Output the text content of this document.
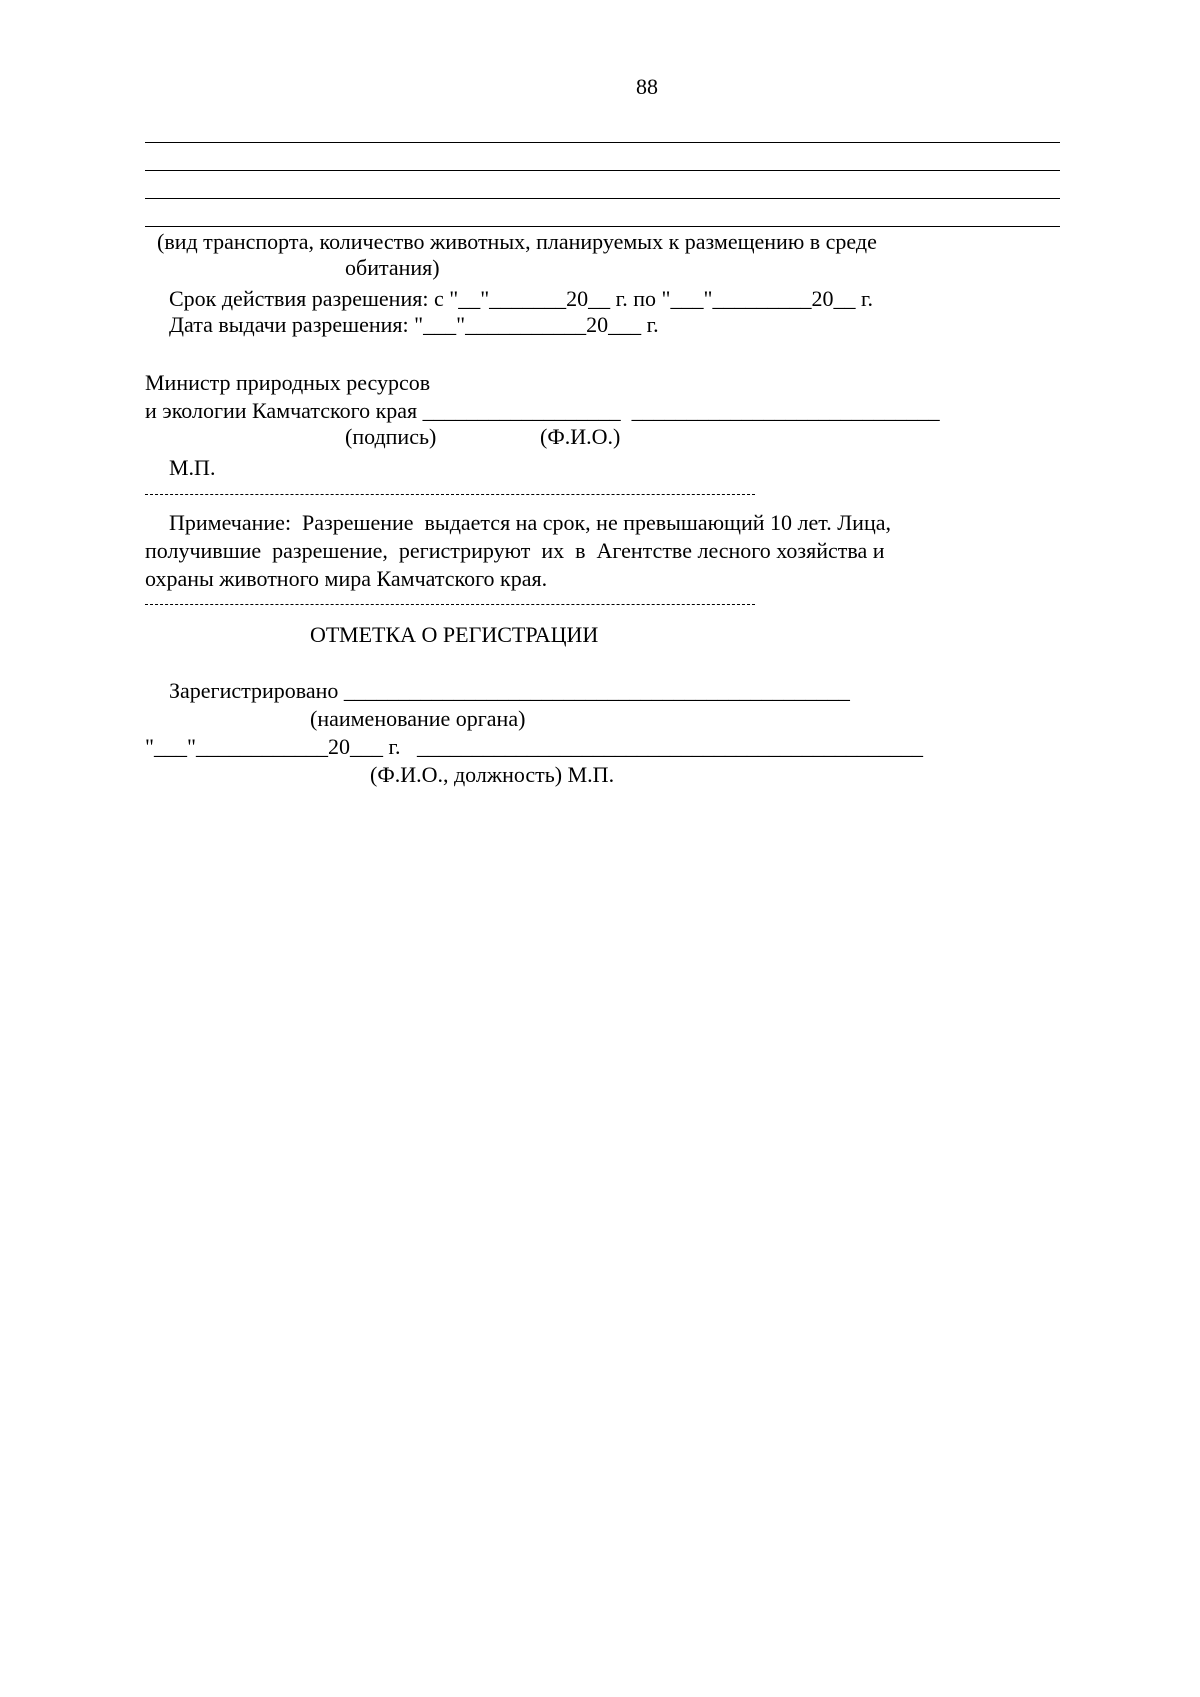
88
(вид транспорта, количество животных, планируемых к размещению в среде
обитания)
Срок действия разрешения: с "__"_______20__ г. по "___"_________20__ г.
Дата выдачи разрешения: "___"___________20___ г.
Министр природных ресурсов
и экологии Камчатского края __________________  ____________________________
(подпись)	(Ф.И.О.)
М.П.
Примечание:  Разрешение  выдается на срок, не превышающий 10 лет. Лица,
получившие  разрешение,  регистрируют  их  в  Агентстве лесного хозяйства и
охраны животного мира Камчатского края.
ОТМЕТКА О РЕГИСТРАЦИИ
Зарегистрировано ______________________________________________
(наименование органа)
"___"____________20___ г.   ______________________________________________
(Ф.И.О., должность) М.П.
